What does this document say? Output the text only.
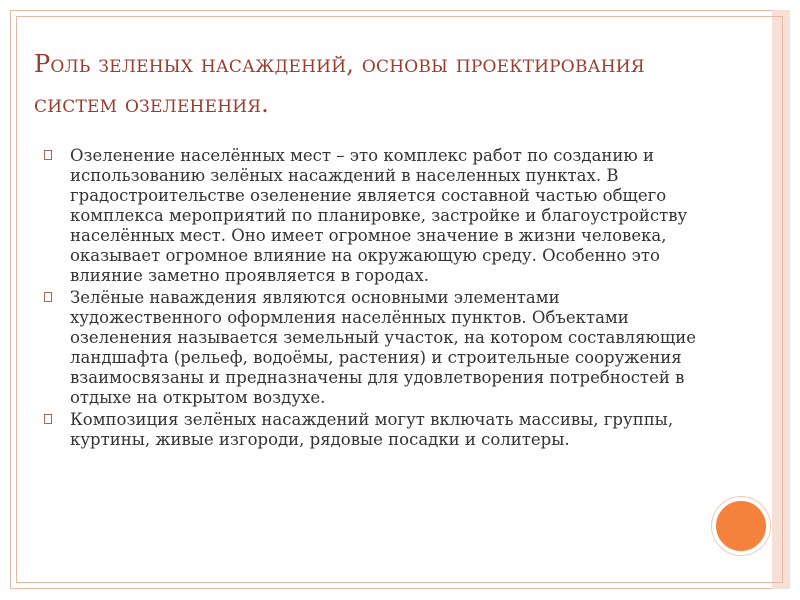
Роль зеленых насаждений, основы проектирования систем озеленения.
Озеленение населённых мест – это комплекс работ по созданию и использованию зелёных насаждений в населенных пунктах. В градостроительстве озеленение является составной частью общего комплекса мероприятий по планировке, застройке и благоустройству населённых мест. Оно имеет огромное значение в жизни человека, оказывает огромное влияние на окружающую среду. Особенно это влияние заметно проявляется в городах.
Зелёные наваждения являются основными элементами художественного оформления населённых пунктов. Объектами озеленения называется земельный участок, на котором составляющие ландшафта (рельеф, водоёмы, растения) и строительные сооружения взаимосвязаны и предназначены для удовлетворения потребностей в отдыхе на открытом воздухе.
Композиция зелёных насаждений могут включать массивы, группы, куртины, живые изгороди, рядовые посадки и солитеры.
